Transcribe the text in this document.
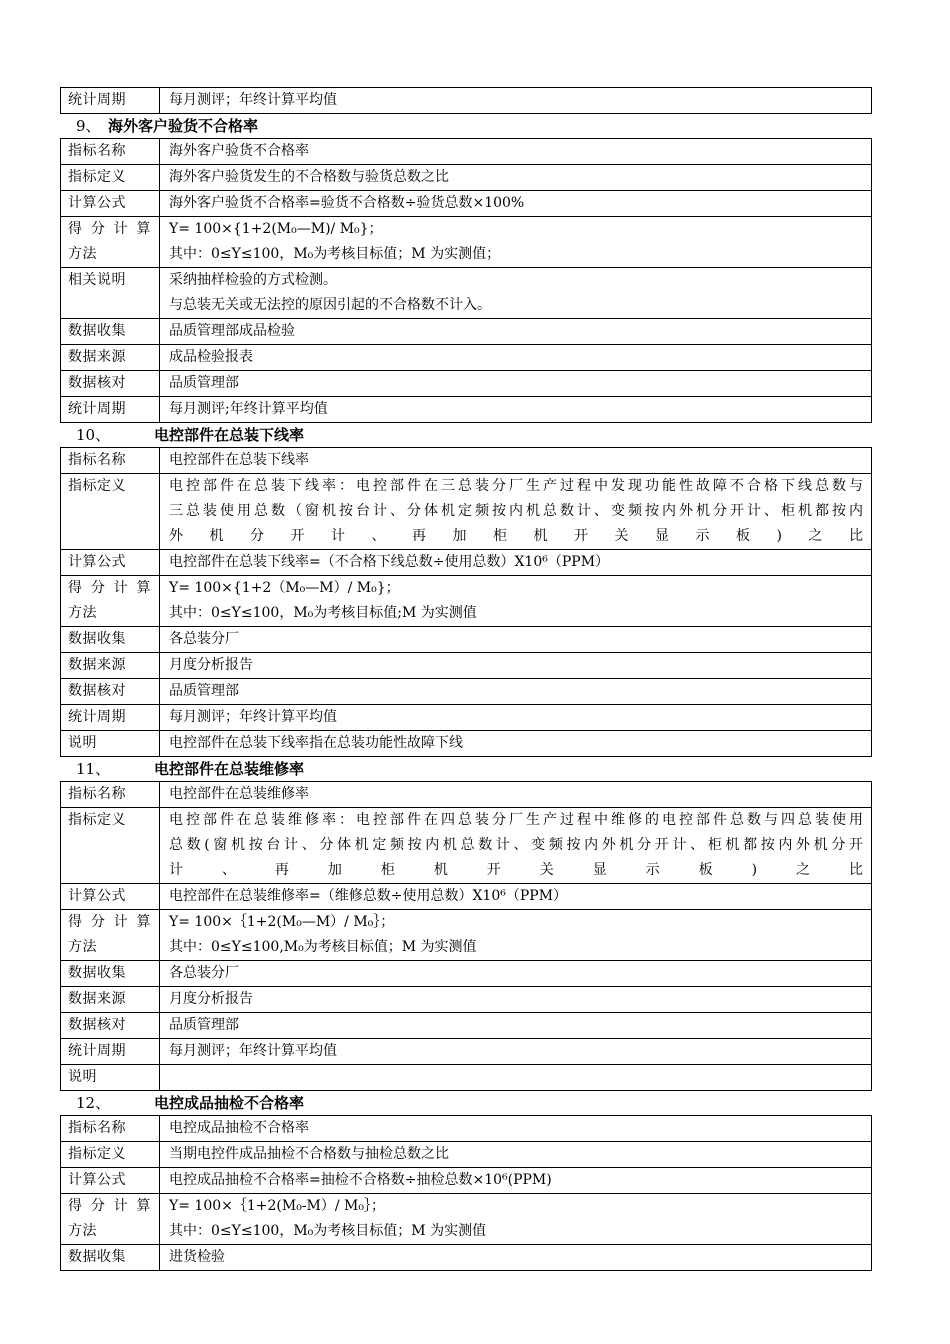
统计周期	每月测评；年终计算平均值
9、 海外客户验货不合格率
指标名称	海外客户验货不合格率

指标定义	海外客户验货发生的不合格数与验货总数之比

计算公式	海外客户验货不合格率=验货不合格数÷验货总数×100%

得 分 计 算 方法	Y= 100×{1+2(M₀—M)/ M₀}；
其中：0≤Y≤100，M₀为考核目标值；M 为实测值；

相关说明	采纳抽样检验的方式检测。
与总装无关或无法控的原因引起的不合格数不计入。

数据收集	品质管理部成品检验

数据来源	成品检验报表

数据核对	品质管理部

统计周期	每月测评;年终计算平均值
10、	电控部件在总装下线率
指标名称	电控部件在总装下线率

指标定义	电控部件在总装下线率：电控部件在三总装分厂生产过程中发现功能性故障不合格下线总数与
三总装使用总数（窗机按台计、分体机定频按内机总数计、变频按内外机分开计、柜机都按内
外机分开计、再加柜机开关显示板)之比

计算公式	电控部件在总装下线率=（不合格下线总数÷使用总数）X10⁶（PPM）

得 分 计 算 方法	Y= 100×{1+2（M₀—M）/ M₀}；
其中：0≤Y≤100，M₀为考核目标值;M 为实测值

数据收集	各总装分厂

数据来源	月度分析报告

数据核对	品质管理部

统计周期	每月测评；年终计算平均值

说明	电控部件在总装下线率指在总装功能性故障下线
11、	电控部件在总装维修率
指标名称	电控部件在总装维修率

指标定义	电控部件在总装维修率：电控部件在四总装分厂生产过程中维修的电控部件总数与四总装使用
总数(窗机按台计、分体机定频按内机总数计、变频按内外机分开计、柜机都按内外机分开
计、再加柜机开关显示板)之比

计算公式	电控部件在总装维修率=（维修总数÷使用总数）X10⁶（PPM）

得 分 计 算 方法	Y= 100×｛1+2(M₀—M）/ M₀｝；
其中：0≤Y≤100,M₀为考核目标值；M 为实测值

数据收集	各总装分厂

数据来源	月度分析报告

数据核对	品质管理部

统计周期	每月测评；年终计算平均值

说明	

12、	电控成品抽检不合格率
指标名称	电控成品抽检不合格率

指标定义	当期电控件成品抽检不合格数与抽检总数之比

计算公式	电控成品抽检不合格率=抽检不合格数÷抽检总数×10⁶(PPM)

得 分 计 算 方法	Y= 100×｛1+2(M₀-M）/ M₀｝；
其中：0≤Y≤100，M₀为考核目标值；M 为实测值

数据收集	进货检验
